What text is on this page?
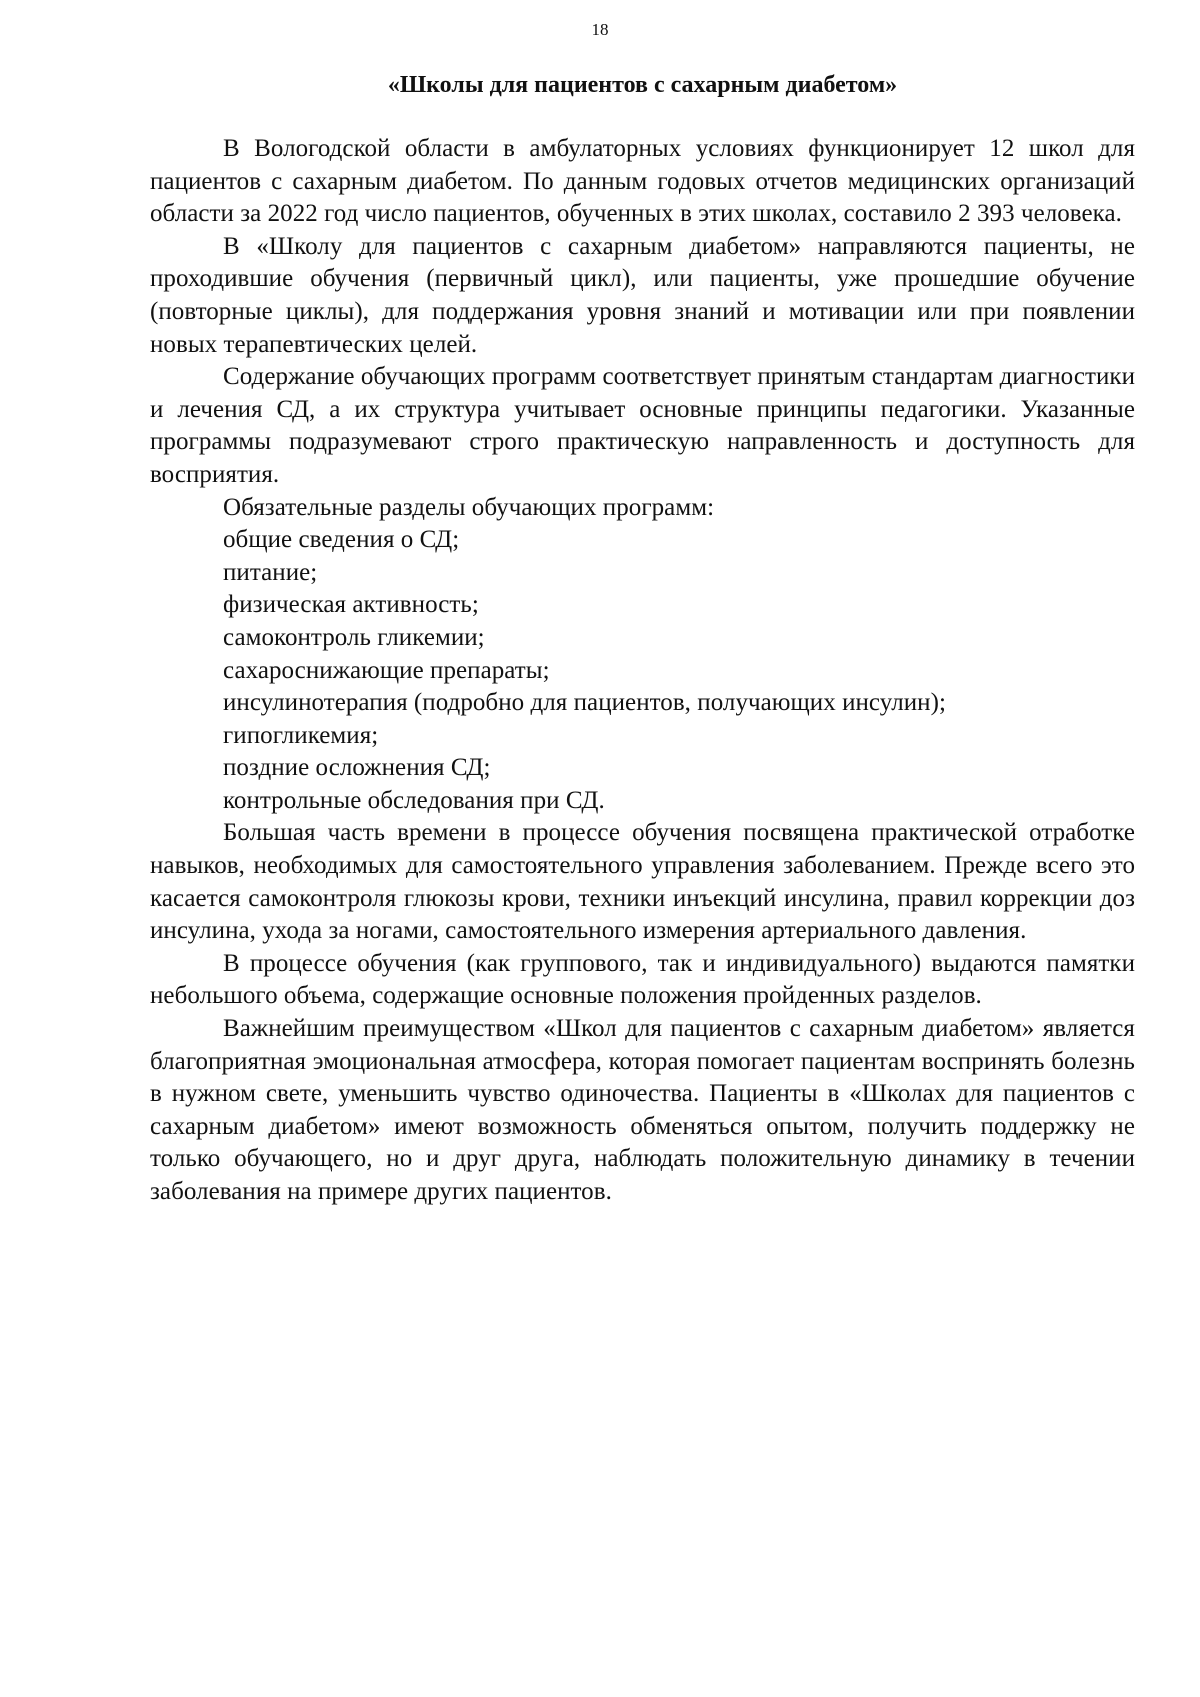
18
«Школы для пациентов с сахарным диабетом»

В Вологодской области в амбулаторных условиях функционирует 12 школ для пациентов с сахарным диабетом. По данным годовых отчетов медицинских организаций области за 2022 год число пациентов, обученных в этих школах, составило 2 393 человека.

В «Школу для пациентов с сахарным диабетом» направляются пациенты, не проходившие обучения (первичный цикл), или пациенты, уже прошедшие обучение (повторные циклы), для поддержания уровня знаний и мотивации или при появлении новых терапевтических целей.

Содержание обучающих программ соответствует принятым стандартам диагностики и лечения СД, а их структура учитывает основные принципы педагогики. Указанные программы подразумевают строго практическую направленность и доступность для восприятия.

Обязательные разделы обучающих программ:

общие сведения о СД;
питание;
физическая активность;
самоконтроль гликемии;
сахароснижающие препараты;
инсулинотерапия (подробно для пациентов, получающих инсулин);
гипогликемия;
поздние осложнения СД;
контрольные обследования при СД.

Большая часть времени в процессе обучения посвящена практической отработке навыков, необходимых для самостоятельного управления заболеванием. Прежде всего это касается самоконтроля глюкозы крови, техники инъекций инсулина, правил коррекции доз инсулина, ухода за ногами, самостоятельного измерения артериального давления.

В процессе обучения (как группового, так и индивидуального) выдаются памятки небольшого объема, содержащие основные положения пройденных разделов.

Важнейшим преимуществом «Школ для пациентов с сахарным диабетом» является благоприятная эмоциональная атмосфера, которая помогает пациентам воспринять болезнь в нужном свете, уменьшить чувство одиночества. Пациенты в «Школах для пациентов с сахарным диабетом» имеют возможность обменяться опытом, получить поддержку не только обучающего, но и друг друга, наблюдать положительную динамику в течении заболевания на примере других пациентов.
